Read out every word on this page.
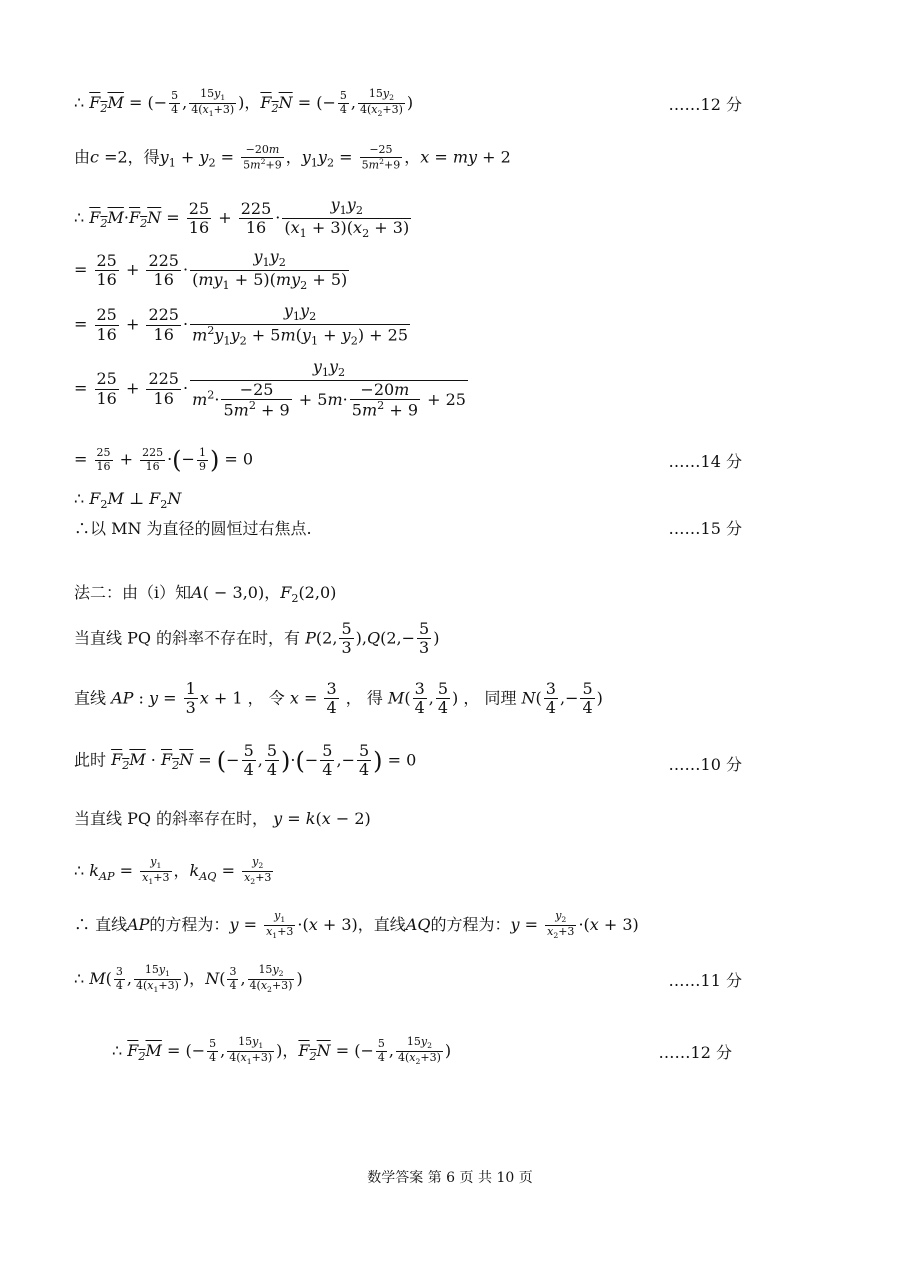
∴ $F_2M$ = (− $\frac{5}{4}$ , $\frac{15y_1}{4(x_1+3)}$ )，$F_2N$ = (− $\frac{5}{4}$ , $\frac{15y_2}{4(x_2+3)}$ )	……12 分
由c =2，得$y_1 + y_2 = \frac{-20m}{5m^2+9}$ ，$y_1y_2 = \frac{-25}{5m^2+9}$ ，x = my + 2
∴ $F_2M\cdot F_2N = \frac{25}{16} + \frac{225}{16} \cdot \frac{y_1y_2}{(x_1 + 3)(x_2 + 3)}$
= $\frac{25}{16} + \frac{225}{16} \cdot \frac{y_1y_2}{(my_1 + 5)(my_2 + 5)}$
= $\frac{25}{16} + \frac{225}{16} \cdot \frac{y_1y_2}{m^2y_1y_2 + 5m(y_1 + y_2) + 25}$
= $\frac{25}{16} + \frac{225}{16} \cdot \frac{y_1y_2}{m^2\cdot \frac{-25}{5m^2 + 9} + 5m\cdot \frac{-20m}{5m^2 + 9} + 25}$
= $\frac{25}{16} + \frac{225}{16}$ ·(− $\frac{1}{9}$ ) = 0	……14 分
∴ $F_2M$ ⊥ $F_2N$
∴以 MN 为直径的圆恒过右焦点.	……15 分
法二：由（i）知A( − 3,0)，$F_2(2,0)$
当直线 PQ 的斜率不存在时，有 P(2, $\frac{5}{3} ),Q(2,- \frac{5}{3}$ )
直线 AP : $y = \frac{1}{3}$ x + 1 ， 令 $x = \frac{3}{4}$ ， 得 $M( \frac{3}{4}$ , $\frac{5}{4}$ ) ， 同理 $N( \frac{3}{4}$ ,− $\frac{5}{4}$ )
此时 $F_2M \cdot F_2N$ = (− $\frac{5}{4}$ , $\frac{5}{4}$ )·(− $\frac{5}{4}$ ,− $\frac{5}{4}$ ) = 0	……10 分
当直线 PQ 的斜率存在时， y = k(x − 2)
∴ $k_{AP} = \frac{y_1}{x_1+3}$ ，$k_{AQ} = \frac{y_2}{x_2+3}$
∴ 直线AP的方程为：$y = \frac{y_1}{x_1+3} \cdot(x + 3)$，直线AQ的方程为：$y = \frac{y_2}{x_2+3} \cdot(x + 3)$
∴ $M( \frac{3}{4}$ , $\frac{15y_1}{4(x_1+3)}$ )，$N( \frac{3}{4}$ , $\frac{15y_2}{4(x_2+3)}$ )	……11 分
∴ $F_2M$ = (− $\frac{5}{4}$ , $\frac{15y_1}{4(x_1+3)}$ )，$F_2N$ = (− $\frac{5}{4}$ , $\frac{15y_2}{4(x_2+3)}$ )	……12 分
数学答案 第 6 页 共 10 页
